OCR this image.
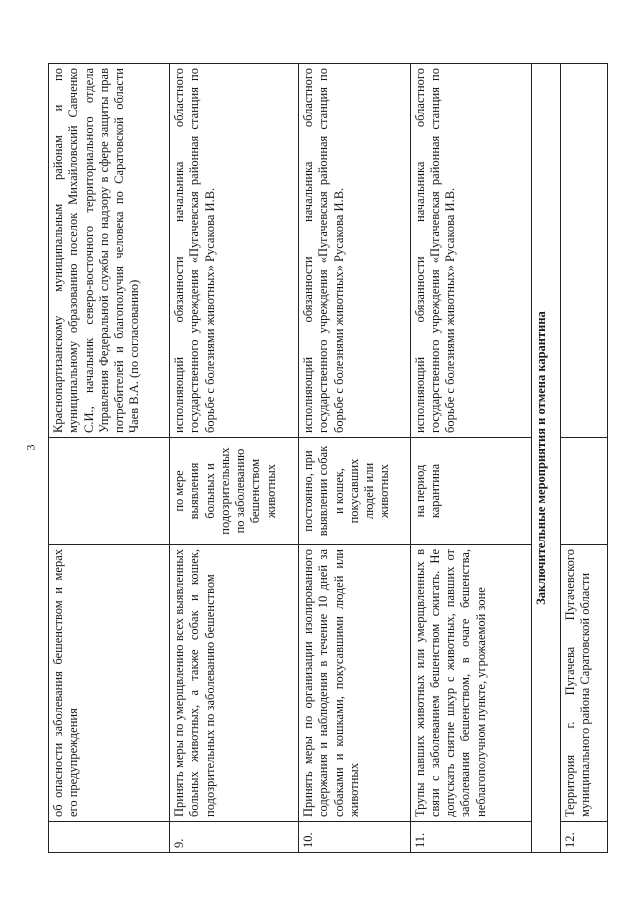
3
	об опасности заболевания бешенством и мерах его предупреждения		Краснопартизанскому муниципальным районам и по муниципальному образованию поселок Михайловский Савченко С.И., начальник северо-восточного территориального отдела Управления Федеральной службы по надзору в сфере защиты прав потребителей и благополучия человека по Саратовской области Чаев В.А. (по согласованию)
9.	Принять меры по умерщвлению всех выявленных больных животных, а также собак и кошек, подозрительных по заболеванию бешенством	по мере выявления больных и подозрительных по заболеванию бешенством животных	исполняющий обязанности начальника областного государственного учреждения «Пугачевская районная станция по борьбе с болезнями животных» Русакова И.В.
10.	Принять меры по организации изолированного содержания и наблюдения в течение 10 дней за собаками и кошками, покусавшими людей или животных	постоянно, при выявлении собак и кошек, покусавших людей или животных	исполняющий обязанности начальника областного государственного учреждения «Пугачевская районная станция по борьбе с болезнями животных» Русакова И.В.
11.	Трупы павших животных или умерщвленных в связи с заболеванием бешенством сжигать. Не допускать снятие шкур с животных, павших от заболевания бешенством, в очаге бешенства, неблагополучном пункте, угрожаемой зоне	на период карантина	исполняющий обязанности начальника областного государственного учреждения «Пугачевская районная станция по борьбе с болезнями животных» Русакова И.В.
Заключительные мероприятия и отмена карантина			
12.	Территория г. Пугачева Пугачевского муниципального района Саратовской области		
